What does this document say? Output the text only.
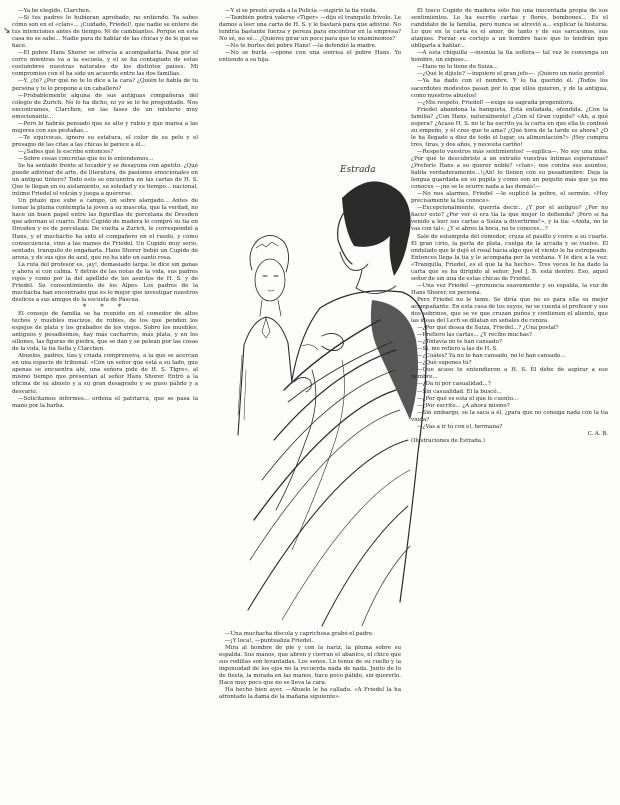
↘

—Ya he elegido, Clarchen.

—Si tus padres lo hubieran aprobado, no entiendo. Ya sabes cómo son en el «clan»... ¡Cuidado, Friedel!, que nadie se entere de tus intenciones antes de tiempo. Ni de cambiantes. Porque en esta casa no se sabe... Nadie para de hablar de las chicas y de lo que se hace.

—El pobre Hans Shorer se ofrecía a acompañarla. Pasa por el corro mientras va a la escuela, y el se ha contagiado de estas costumbres nuestras naturales de los distintos países. Mi compromiso con él ha sido un acuerdo entre las dos familias.

—Y, ¿tu? ¿Por qué no te lo dice a la cara? ¿Quién te habla de tu persona y te lo propone a un caballero?

—Probablemente alguna de sus antiguas compañeras del colegio de Zurich. No lo ha dicho, ni yo se lo he preguntado. Nos encontramos, Clarchen, en las fases de un misterio muy emocionante...

—Pero lo habrás pensado que es alto y rubio y que marea a las mujeres con sus pestañas...

—Te equivocas, ignoro su estatura, el color de su pelo y el presagio de las citas a las chicas le parece a él...

—¿Sabes qué le escribe entonces?

—Sobre cosas concretas que no le entendemos...

Se ha sentado frente al tocador y se desayuna con apetito. ¿Qué puede adivinar de arte, de literatura, de pasiones emocionales en un antiguo tintero? Todo esto se encuentra en las cartas de H. S. Que le llegan en su aislamiento, su soledad y su tiempo... nacional, íntimo Friedel el volcán y juega a quererse.

Un pitazo que sube a campo, un sobre alargado... Antes de tomar la pluma contempla la joven a su mascota, que la verdad, no hace un buen papel entre las figurillas de porcelana de Dresden que adornan el cuarto. Este Cupido de madera lo compró su tía en Dresden y es de porcelana. De vuelta a Zurich, le correspondió a Hans, y el muchacho ha sido el compañero en el ruedo, y como consecuencia, vino a las manos de Friedel. Un Cupido muy serio, sentado, tranquilo de engañarla. Hans Shorer bebió un Cupido de arena, y de sus ojos de azul, que no ha sido un santo rosa.

La ruta del profesor es, ¡ay!, demasiado larga: le dice sin ganas y ahora sí con calma. Y detrás de las notas de la vida, sus padres rojos y como por la del apellido de los asuntos de H. S. y de Friedel. Su consentimiento de los Alpes. Los padres de la muchacha han encontrado que es lo mejor que investigar nuestros deslices a sus amigos de la escuela de Pascua.

* * *

El consejo de familia se ha reunido en el comedor de altos techos y muebles macizos, de robles, de los que penden los espejos de plata y los grabados de los viejos. Sobre los muebles, antiguos y pesadísimos, hay más cacharros, más plata, y en los sillones, las figuras de piedra, que se dan y se pelean por las cosas de la vida, la tía Sofía y Clarchen.

Abuelos, padres, tías y criada comprensiva, a la que se acercan en una especie de tribunal: «Con un señor que está a su lado, que apenas se encuentra ahí, una señora pide de H. S. Tigre», al mismo tiempo que presentan al señor Hans Shorer. Entró a la oficina de su abuelo y a su gran desagrado y se puso pálido y a desvarío.

—Solicitamos informes... ordena el patriarca, que se pasa la mano por la barba.

—Y si se prestó ayuda a la Policía —sugirió la tía viuda.

—También podrá valerse «Tiger» —dijo el tranquilo frívolo. Le damos a leer una carta de H. S. y le bastará para que adivine. No tendría bastante fuerza y pereza para encontrar en la empresa? No sé, no sé... ¿Quieres girar un poco para que te examinemos?

—No te burles del pobre Hans! —la defendió la madre.

—No se burla —opone con una sonrisa el pobre Hans. Yo entiendo a su hija.

Estrada

—Una muchacha díscola y caprichosa grabó el padre.

—¡Y loca!, —puntualiza Friedel.

Mira al hombre de pie y con la nariz, la pluma sobre su espalda. Sus manos, que abren y cierran el abanico, el chico que sus rodillas son levantadas. Los senos. Lo tenue de su cuello y la ingenuidad de los ojos no la recuerda nada de nada. Junto de lo de fiesta, la mirada en las manos, hace poco pálido, sin quererlo. Hace muy poco que no se lleva la cara.

Ha hecho bien ayer. —Abuelo le ha callado. «A Friedel la ha afrontado la dama de la mañana siguiente».

El tosco Cupido de madera sólo fue una inocentada propia de sus sentimientos. Le ha escrito cartas y flores, bombones... Es el candidato de la familia, pero nunca se atrevió a... explicar la historia. Lo que en la carta es el amor, de tanto y de sus sarcasmos, sus ataques. Forzar su cortejo a un hombre hace que lo tendrán que obligarla a hablar...

—A esta chiquilla —insinúa la tía soltera— tal vez le convenga un hombre, un esposo...

—Hans no lo tiene de Suiza...

—¿Qué le dijiste? —inquiere el gran jefe—. ¡Quiero un nieto pronto!

—Ya ha dado con el nombre. Y lo ha querido él. ¡Todos los sacerdotes modestos pasan por lo que ellos quieren, y de la antigua, como nuestros abuelos!

—¿Mis respeto, Friedel! —exige su sagrada progenitora.

Friedel abandona la banqueta, Está enfadada, ofendida. ¿Con la familia? ¿Con Hans, naturalmente! ¿Con el Gran cupido? «Ah, a qué espera? ¿Acaso H. S. no le ha escrito ya la carta en que ella le confesó su empeño, y él cree que te ama? ¿Qué hora de la tarde es ahora? ¿O le ha llegado a diez de todo el lugar, su alimentación?» ¡Hoy compra tres, tiras, y dos años, y necesita cariño!

—Respeto vuestros más sentimientos! —suplica—. No soy una niña. ¿Por qué te descubriste a un extraño vuestras íntimas esperanzas? ¿Preferís Hans a su querer noble? «clan», nos contra sus asuntos, habla verdaderamente...!¡Ah! lo tienen con su pesadumbre: Deja la lengua guardada en su pupila y como son un poquito más que ya me conoces —¡no se le ocurre nada a las demás!—

—No nos alarmes, Friedel —le suplicó la pobre, el sermón. «Hoy precisamente la tía conoce».

—Excepcionalmente, querría decir... ¿Y por el antiguo? ¿Por no hacer esto? ¿Por ver si era tía la que mejor lo defienda? ¡Pero si ha venido a leer sus cartas a Suiza a divertirme!», y la tía: «Anda, no te vas con tal». ¿Y si abres la boca, no te conoces...?

Sale de estampida del comedor, cruza el pasillo y corre a su cuarto. El gran cirio, la perla de plata, cuelga de la arcada y se vuelve. El ondulado que le dejó el rosal hacía algo que el viento le ha estropeado. Entonces llega la tía y le acompaña por la ventana. Y le dice a la vez: «Tranquila, Friedel, es el que la ha hecho». Tres veces le ha dado la carta que se ha dirigido al señor, Joel J. B. está dentro. Eso, aquel señor de sin una de estas chicas de Friedel.

—Una vez Friedel —pronuncia suavemente y su espalda, la voz de Hans Shorer, en persona.

Pero Friedel no le teme. Se diría que no es para ella su mejor acompañante. En esta casa de los suyos, no se cuenta el profesor y sus dos sobrinos, que se ve que cruzan puños y contienen el aliento, que las ideas del Lech se dilatan en señales de ceniza.

—¿Por qué desea de Suiza, Friedel...? ¿Una postal?

—Prefiero las cartas... ¿Y recibo muchas?

—¿Todavía no te han cansado?

—Sí, me refiero a las de H. S.

—¿Cuáles? Ya no te han cansado, no lo han cansado...

—¿Qué supones tú?

—Que acaso te entendieron a H. S. Él debe de aspirar a ese nombre...

—¿Da ni por casualidad...?

—Sin casualidad. El la buscó...

—¿Por qué es esta el que le cuento...

—¿Por escrito... ¿A ahora mismo?

—Sin embargo, se la saca a él, ¿para que no consiga nada con la tía viuda?

—¿Vas a ir tú con el, hermana?

C. A. B.

(Ilustraciones de Estrada.)
